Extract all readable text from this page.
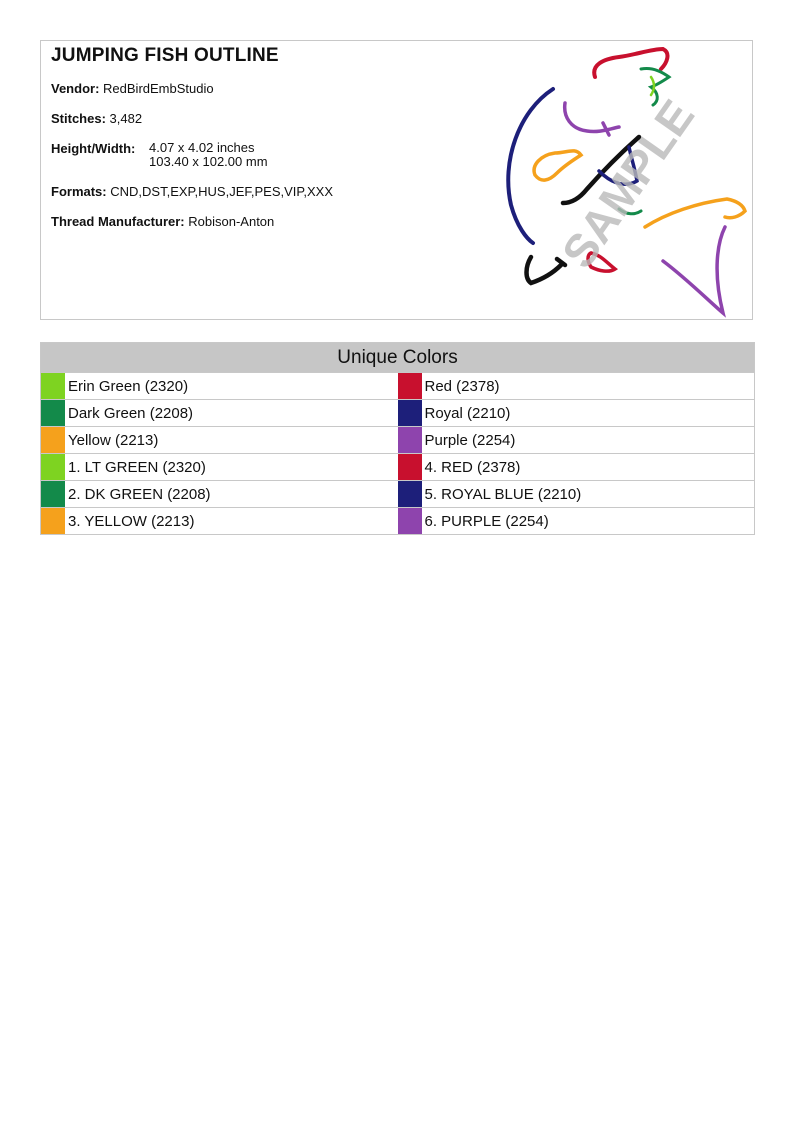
JUMPING FISH OUTLINE
Vendor: RedBirdEmbStudio
Stitches: 3,482
Height/Width: 4.07 x 4.02 inches
103.40 x 102.00 mm
Formats: CND,DST,EXP,HUS,JEF,PES,VIP,XXX
Thread Manufacturer: Robison-Anton	SAMPLE
Unique Colors
Erin Green (2320)	Red (2378)
Dark Green (2208)	Royal (2210)
Yellow (2213)	Purple (2254)
1. LT GREEN (2320)	4. RED (2378)
2. DK GREEN (2208)	5. ROYAL BLUE (2210)
3. YELLOW (2213)	6. PURPLE (2254)
